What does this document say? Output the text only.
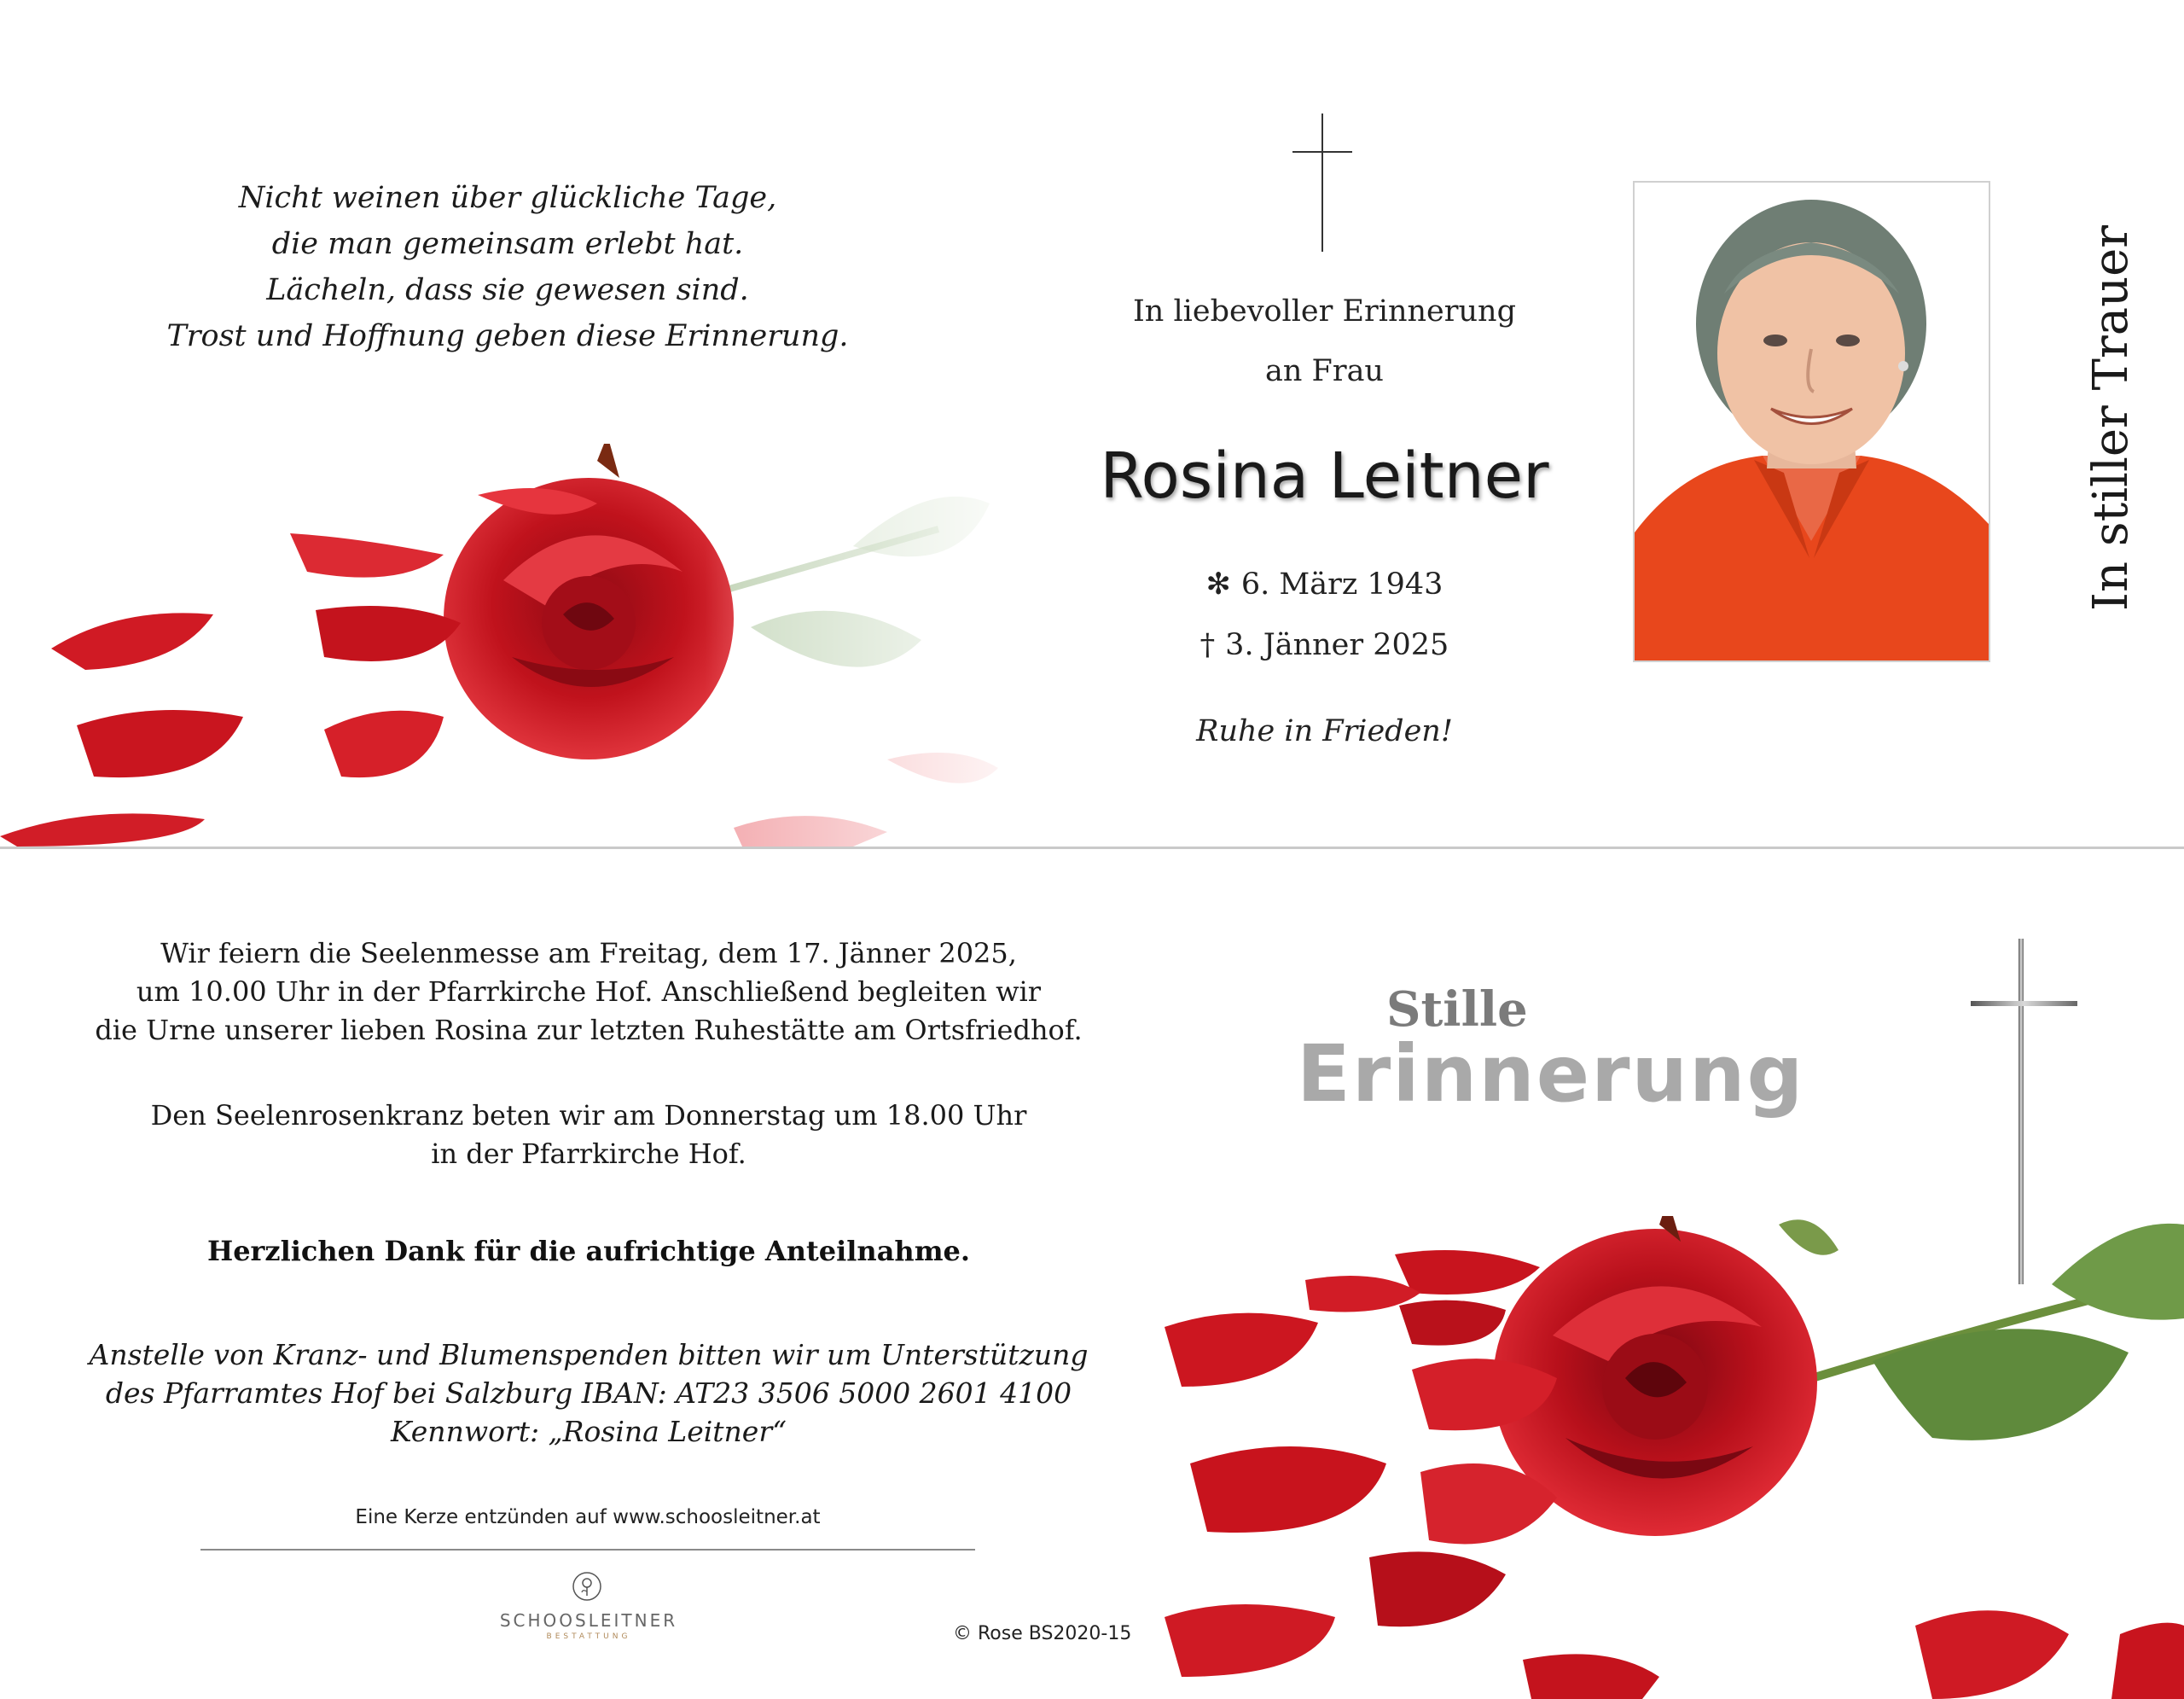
Nicht weinen über glückliche Tage,
die man gemeinsam erlebt hat.
Lächeln, dass sie gewesen sind.
Trost und Hoffnung geben diese Erinnerung.
In liebevoller Erinnerung
an Frau
Rosina Leitner
✻ 6. März 1943
† 3. Jänner 2025
Ruhe in Frieden!
In stiller Trauer
Wir feiern die Seelenmesse am Freitag, dem 17. Jänner 2025,
um 10.00 Uhr in der Pfarrkirche Hof. Anschließend begleiten wir
die Urne unserer lieben Rosina zur letzten Ruhestätte am Ortsfriedhof.
Den Seelenrosenkranz beten wir am Donnerstag um 18.00 Uhr
in der Pfarrkirche Hof.
Herzlichen Dank für die aufrichtige Anteilnahme.
Anstelle von Kranz- und Blumenspenden bitten wir um Unterstützung
des Pfarramtes Hof bei Salzburg IBAN: AT23 3506 5000 2601 4100
Kennwort: „Rosina Leitner“
Eine Kerze entzünden auf www.schoosleitner.at
SCHOOSLEITNER
BESTATTUNG	© Rose BS2020-15
Stille
Erinnerung
